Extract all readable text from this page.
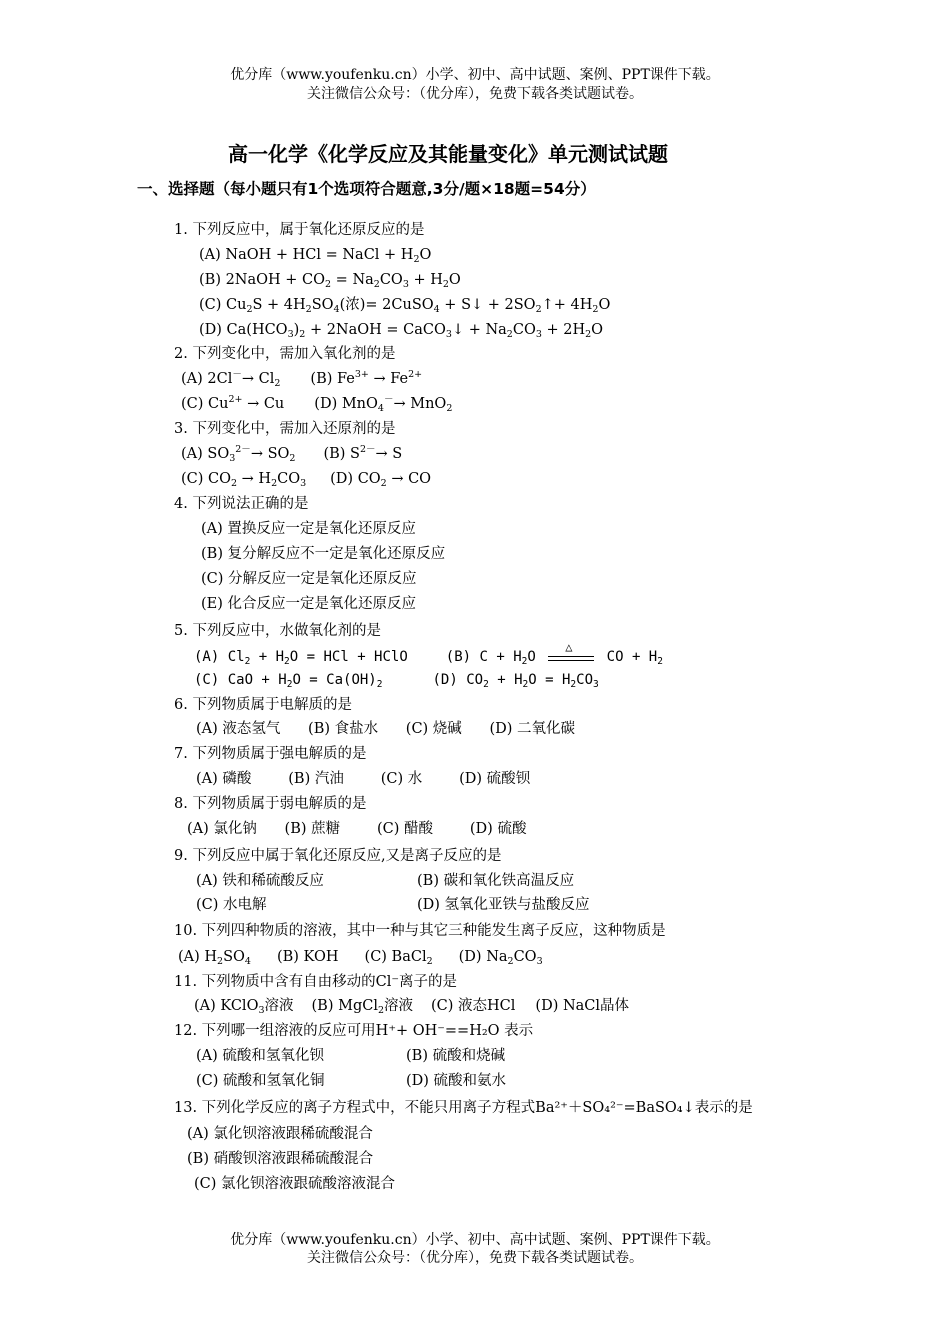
优分库（www.youfenku.cn）小学、初中、高中试题、案例、PPT课件下载。
关注微信公众号：（优分库），免费下载各类试题试卷。
高一化学《化学反应及其能量变化》单元测试试题
一、选择题（每小题只有1个选项符合题意,3分/题×18题=54分）
1. 下列反应中，属于氧化还原反应的是
(A) NaOH + HCl = NaCl + $H_2O$
(B) 2NaOH + $CO_2 = Na_2CO_3 + H_2O$
(C) $Cu_2S + 4H_2SO_4$(浓)= 2CuSO$_4$ + S↓ + $2SO_2↑+ 4H_2O$
(D) $Ca(HCO_3)_2$ + 2NaOH = CaCO$_3$↓ + $Na_2CO_3 + 2H_2O$
2. 下列变化中，需加入氧化剂的是
(A) $2Cl^-\to Cl_2$ (B) $Fe^{3+} \to Fe^{2+}$
(C) $Cu^{2+} \to Cu$ (D) MnO$_4$－→ MnO$_2$
3. 下列变化中，需加入还原剂的是
(A) $SO_3^{2-}\to SO_2$ (B) $S^{2-}\to S$
(C) $CO_2 \to H_2CO_3$ (D) $CO_2$ → CO
4. 下列说法正确的是
(A) 置换反应一定是氧化还原反应
(B) 复分解反应不一定是氧化还原反应
(C) 分解反应一定是氧化还原反应
(E) 化合反应一定是氧化还原反应
5. 下列反应中，水做氧化剂的是
(A) $Cl_2 + H_2O$ = HCl + HClO	(B) $C + H_2O$
△
CO + $H_2$
(C) CaO + $H_2O = Ca(OH)_2$	(D) $CO_2 + H_2O = H_2CO_3$
6. 下列物质属于电解质的是
(A) 液态氢气      (B) 食盐水      (C) 烧碱      (D) 二氧化碳
7. 下列物质属于强电解质的是
(A) 磷酸        (B) 汽油        (C) 水        (D) 硫酸钡
8. 下列物质属于弱电解质的是
(A) 氯化钠      (B) 蔗糖        (C) 醋酸        (D) 硫酸
9. 下列反应中属于氧化还原反应,又是离子反应的是
(A) 铁和稀硫酸反应	(B) 碳和氧化铁高温反应
(C) 水电解	(D) 氢氧化亚铁与盐酸反应
10. 下列四种物质的溶液，其中一种与其它三种能发生离子反应，这种物质是
(A) $H_2SO_4$ (B) KOH (C) BaCl$_2$ (D) $Na_2CO_3$
11. 下列物质中含有自由移动的Cl⁻离子的是
(A) KClO$_3$溶液 (B) MgCl$_2$溶液 (C) 液态HCl (D) NaCl晶体
12. 下列哪一组溶液的反应可用H⁺+ OH⁻==H₂O 表示
(A) 硫酸和氢氧化钡	(B) 硫酸和烧碱
(C) 硫酸和氢氧化铜	(D) 硫酸和氨水
13. 下列化学反应的离子方程式中，不能只用离子方程式Ba²⁺＋SO₄²⁻=BaSO₄↓表示的是
(A) 氯化钡溶液跟稀硫酸混合
(B) 硝酸钡溶液跟稀硫酸混合
(C) 氯化钡溶液跟硫酸溶液混合
优分库（www.youfenku.cn）小学、初中、高中试题、案例、PPT课件下载。
关注微信公众号：（优分库），免费下载各类试题试卷。
